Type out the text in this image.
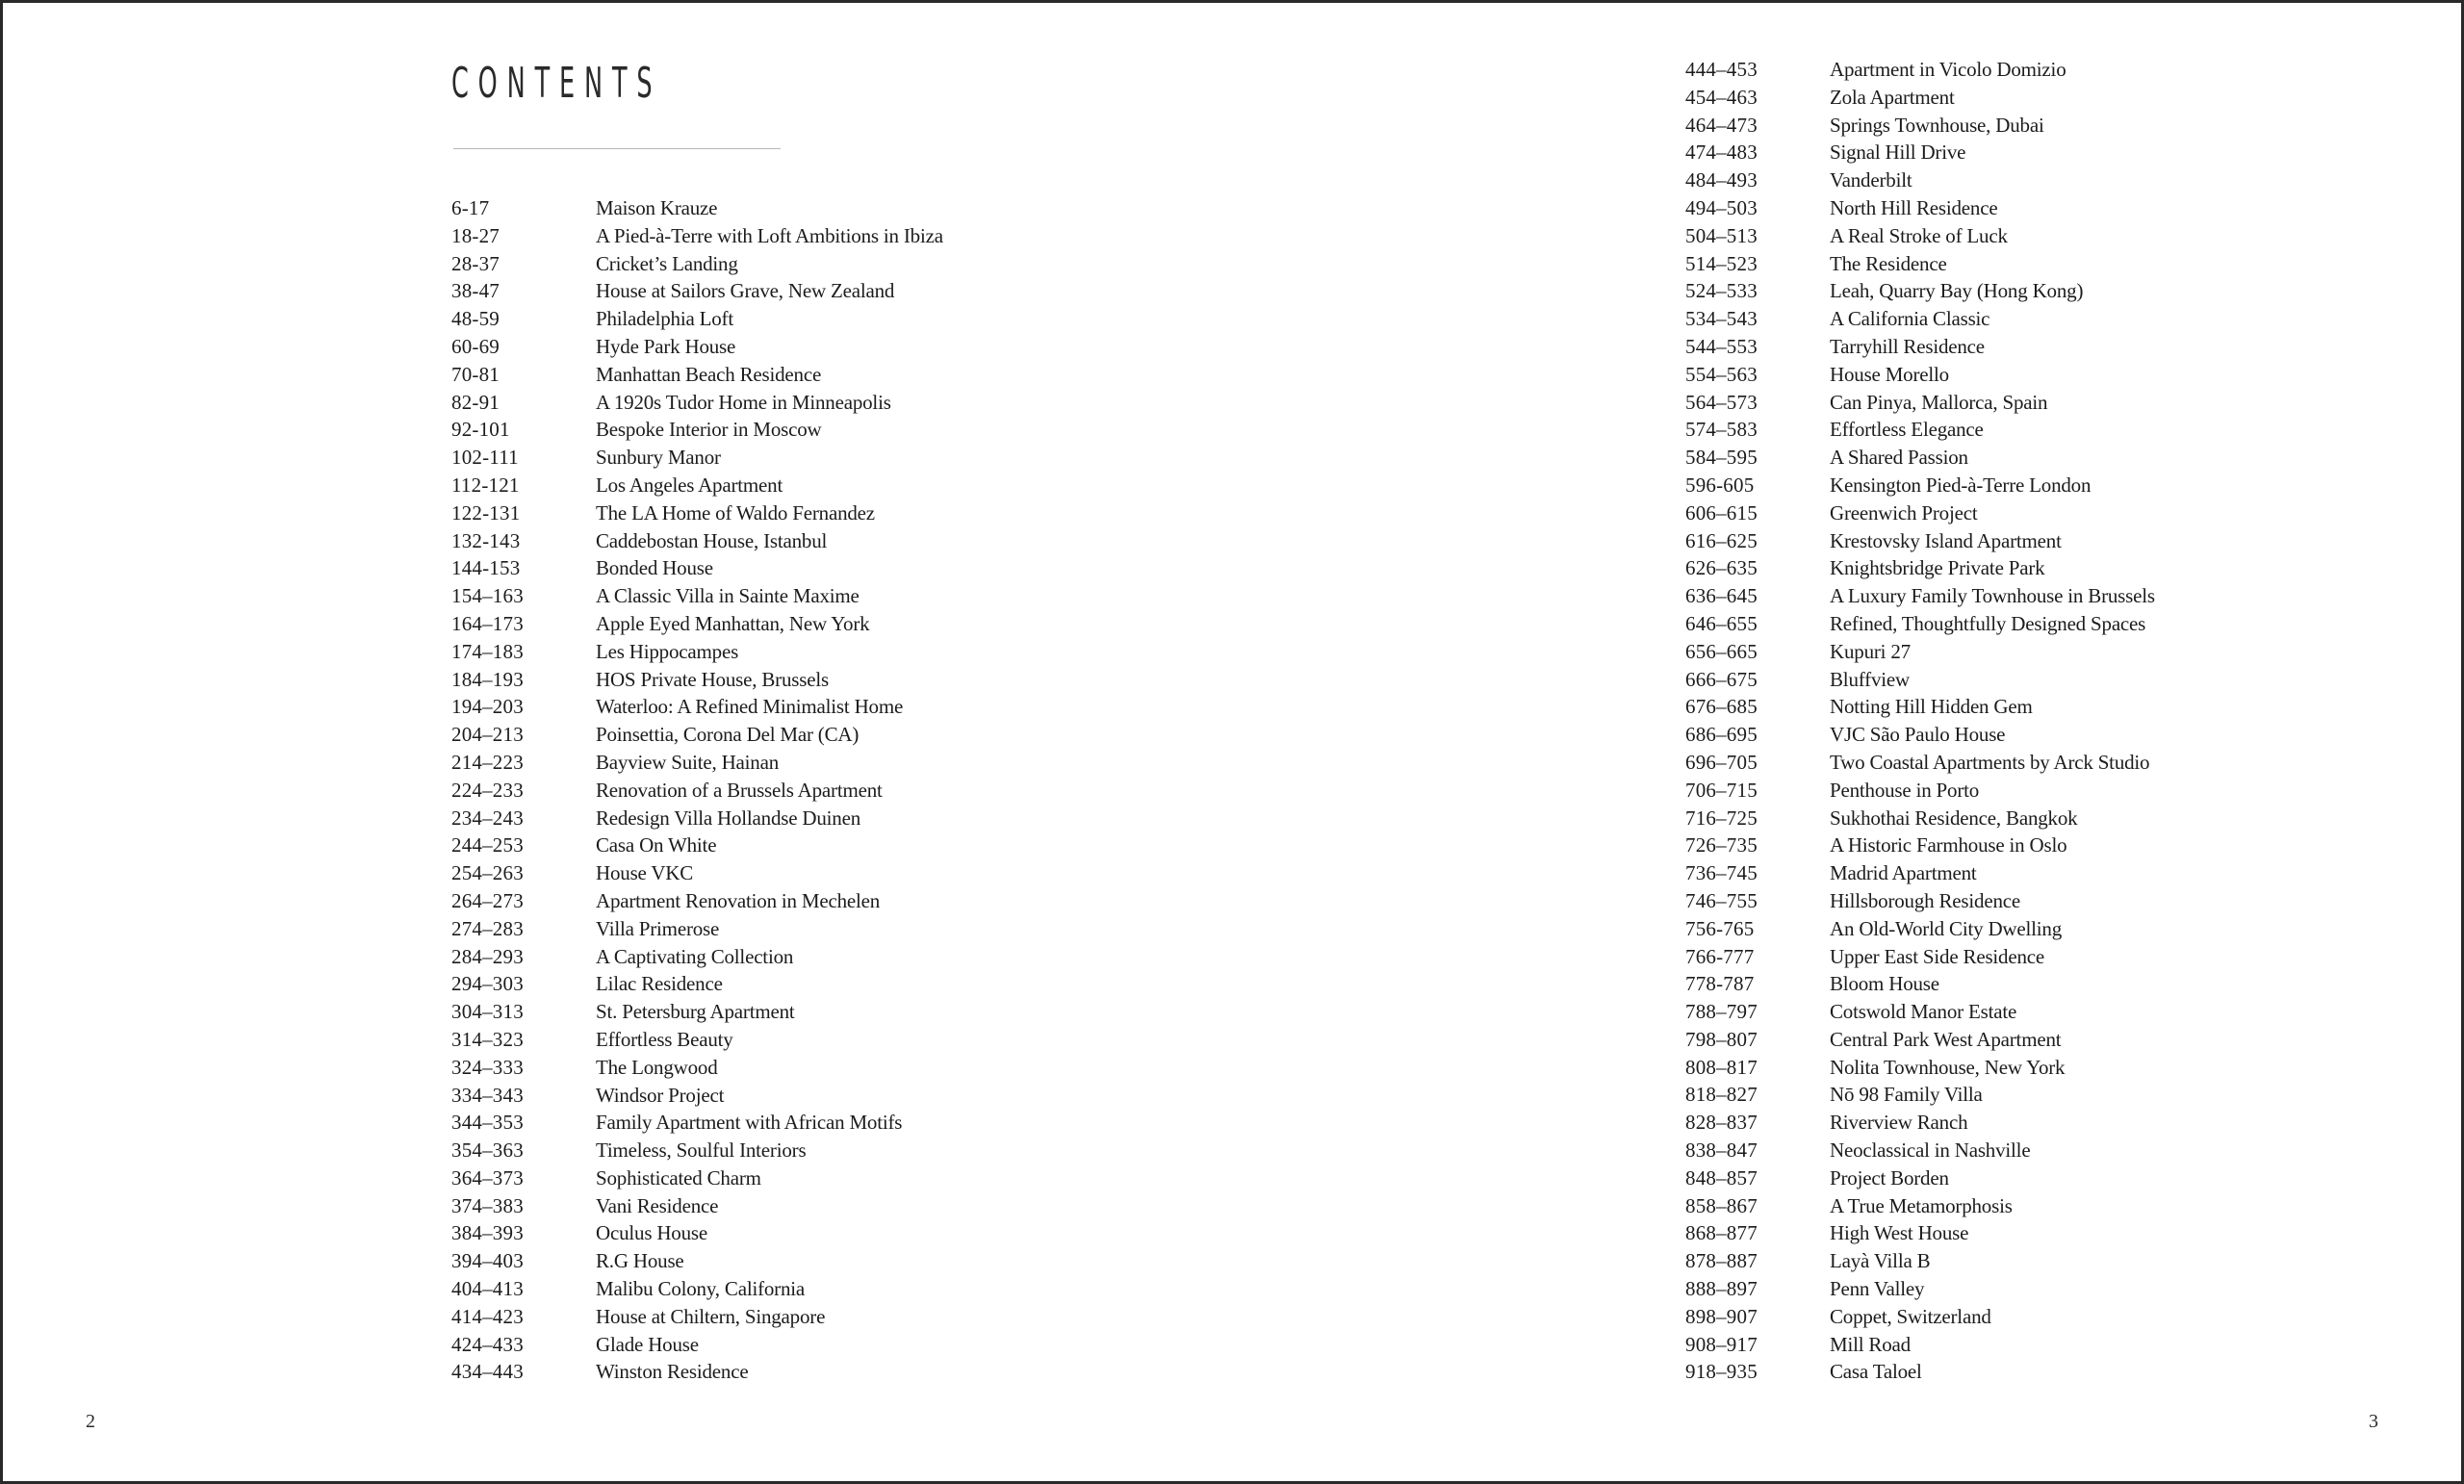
CONTENTS
6-17	Maison Krauze
18-27	A Pied-à-Terre with Loft Ambitions in Ibiza
28-37	Cricket’s Landing
38-47	House at Sailors Grave, New Zealand
48-59	Philadelphia Loft
60-69	Hyde Park House
70-81	Manhattan Beach Residence
82-91	A 1920s Tudor Home in Minneapolis
92-101	Bespoke Interior in Moscow
102-111	Sunbury Manor
112-121	Los Angeles Apartment
122-131	The LA Home of Waldo Fernandez
132-143	Caddebostan House, Istanbul
144-153	Bonded House
154–163	A Classic Villa in Sainte Maxime
164–173	Apple Eyed Manhattan, New York
174–183	Les Hippocampes
184–193	HOS Private House, Brussels
194–203	Waterloo: A Refined Minimalist Home
204–213	Poinsettia, Corona Del Mar (CA)
214–223	Bayview Suite, Hainan
224–233	Renovation of a Brussels Apartment
234–243	Redesign Villa Hollandse Duinen
244–253	Casa On White
254–263	House VKC
264–273	Apartment Renovation in Mechelen
274–283	Villa Primerose
284–293	A Captivating Collection
294–303	Lilac Residence
304–313	St. Petersburg Apartment
314–323	Effortless Beauty
324–333	The Longwood
334–343	Windsor Project
344–353	Family Apartment with African Motifs
354–363	Timeless, Soulful Interiors
364–373	Sophisticated Charm
374–383	Vani Residence
384–393	Oculus House
394–403	R.G House
404–413	Malibu Colony, California
414–423	House at Chiltern, Singapore
424–433	Glade House
434–443	Winston Residence
444–453	Apartment in Vicolo Domizio
454–463	Zola Apartment
464–473	Springs Townhouse, Dubai
474–483	Signal Hill Drive
484–493	Vanderbilt
494–503	North Hill Residence
504–513	A Real Stroke of Luck
514–523	The Residence
524–533	Leah, Quarry Bay (Hong Kong)
534–543	A California Classic
544–553	Tarryhill Residence
554–563	House Morello
564–573	Can Pinya, Mallorca, Spain
574–583	Effortless Elegance
584–595	A Shared Passion
596-605	Kensington Pied-à-Terre London
606–615	Greenwich Project
616–625	Krestovsky Island Apartment
626–635	Knightsbridge Private Park
636–645	A Luxury Family Townhouse in Brussels
646–655	Refined, Thoughtfully Designed Spaces
656–665	Kupuri 27
666–675	Bluffview
676–685	Notting Hill Hidden Gem
686–695	VJC São Paulo House
696–705	Two Coastal Apartments by Arck Studio
706–715	Penthouse in Porto
716–725	Sukhothai Residence, Bangkok
726–735	A Historic Farmhouse in Oslo
736–745	Madrid Apartment
746–755	Hillsborough Residence
756-765	An Old-World City Dwelling
766-777	Upper East Side Residence
778-787	Bloom House
788–797	Cotswold Manor Estate
798–807	Central Park West Apartment
808–817	Nolita Townhouse, New York
818–827	Nō 98 Family Villa
828–837	Riverview Ranch
838–847	Neoclassical in Nashville
848–857	Project Borden
858–867	A True Metamorphosis
868–877	High West House
878–887	Layà Villa B
888–897	Penn Valley
898–907	Coppet, Switzerland
908–917	Mill Road
918–935	Casa Taloel
2	3
